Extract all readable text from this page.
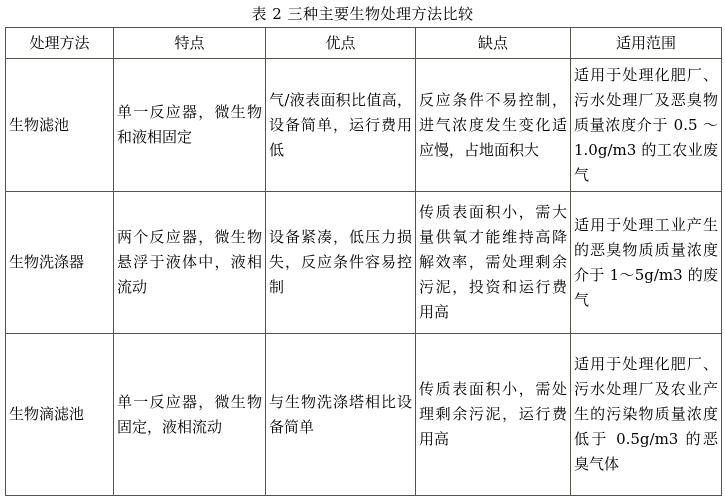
表 2 三种主要生物处理方法比较
处理方法	特点	优点	缺点	适用范围
生物滤池	单一反应器，微生物和液相固定	气/液表面积比值高，设备简单，运行费用低	反应条件不易控制，进气浓度发生变化适应慢，占地面积大	适用于处理化肥厂、污水处理厂及恶臭物质量浓度介于 0.5 ～ 1.0g/m3 的工农业废气
生物洗涤器	两个反应器，微生物悬浮于液体中，液相流动	设备紧凑，低压力损失，反应条件容易控制	传质表面积小，需大量供氧才能维持高降解效率，需处理剩余污泥，投资和运行费用高	适用于处理工业产生的恶臭物质质量浓度介于 1～5g/m3 的废气
生物滴滤池	单一反应器，微生物固定，液相流动	与生物洗涤塔相比设备简单	传质表面积小，需处理剩余污泥，运行费用高	适用于处理化肥厂、污水处理厂及农业产生的污染物质量浓度低于 0.5g/m3 的恶臭气体
